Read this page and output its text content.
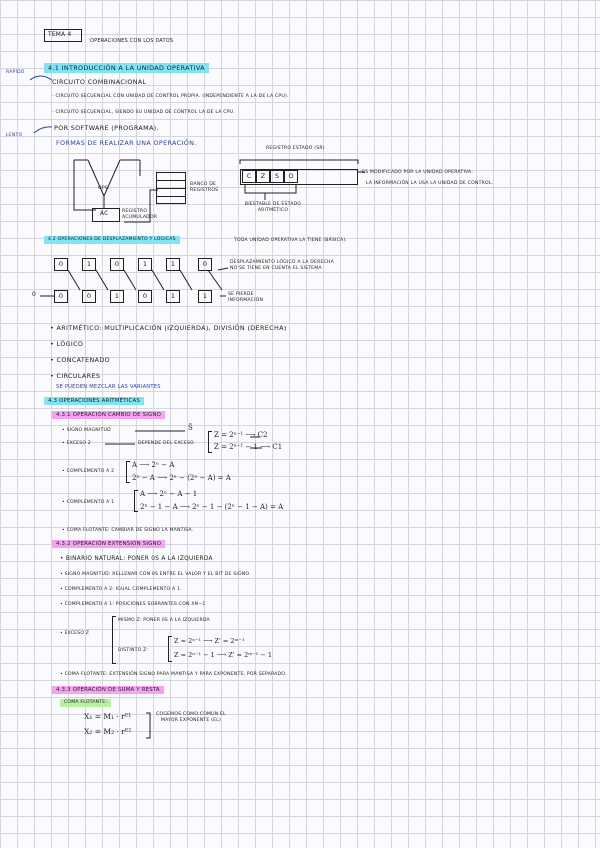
TEMA 4
OPERACIONES CON LOS DATOS
4.1 INTRODUCCIÓN A LA UNIDAD OPERATIVA
RAPIDO
LENTO
CIRCUITO COMBINACIONAL
- CIRCUITO SECUENCIAL CON UNIDAD DE CONTROL PROPIA. (INDEPENDIENTE A LA DE LA CPU).
- CIRCUITO SECUENCIAL, SIENDO SU UNIDAD DE CONTROL LA DE LA CPU.
POR SOFTWARE (PROGRAMA).
FORMAS DE REALIZAR UNA OPERACIÓN.
OPS.
AC	REGISTRO ACUMULADOR
BANCO DE REGISTROS
REGISTRO ESTADO (SR)
C	Z	S	O
BIESTABLE DE ESTADO ARITMÉTICO
ES MODIFICADO POR LA UNIDAD OPERATIVA.
LA INFORMACIÓN LA USA LA UNIDAD DE CONTROL.
4.2 OPERACIONES DE DESPLAZAMIENTO Y LÓGICAS	TODA UNIDAD OPERATIVA LA TIENE (BÁSICA).
0	1	0	1	1	0
0	0	0	1	0	1	1
DESPLAZAMIENTO LÓGICO A LA DERECHA
NO SE TIENE EN CUENTA EL SISTEMA
SE PIERDE
INFORMACIÓN
• ARITMÉTICO: MULTIPLICACIÓN (IZQUIERDA), DIVISIÓN (DERECHA)
• LÓGICO
• CONCATENADO
• CIRCULARES
SE PUEDEN MEZCLAR LAS VARIANTES
4.3 OPERACIONES ARITMÉTICAS
4.3.1 OPERACIÓN CAMBIO DE SIGNO
• SIGNO MAGNITUD	S̄
• EXCESO 2	DEPENDE DEL EXCESO
Z = 2ⁿ⁻¹ ⟶ C2
Z = 2ⁿ⁻¹ − 1 ⟶ C1
• COMPLEMENTO A 2
A ⟶ 2ⁿ − A
2ⁿ − A ⟶ 2ⁿ − (2ⁿ − A) = A
• COMPLEMENTO A 1
A ⟶ 2ⁿ − A − 1
2ⁿ − 1 − A ⟶ 2ⁿ − 1 − (2ⁿ − 1 − A) = A
• COMA FLOTANTE: CAMBIAR DE SIGNO LA MANTISA.
4.3.2 OPERACIÓN EXTENSIÓN SIGNO
• BINARIO NATURAL: PONER 0S A LA IZQUIERDA
• SIGNO MAGNITUD: RELLENAR CON 0S ENTRE EL VALOR Y EL BIT DE SIGNO.
• COMPLEMENTO A 2: IGUAL COMPLEMENTO A 1.
• COMPLEMENTO A 1: POSICIONES SOBRANTES CON XN−1
• EXCESO Z
MISMO Z: PONER 0S A LA IZQUIERDA
DISTINTO Z:
Z = 2ⁿ⁻¹ ⟶ Z' = 2ᵐ⁻¹
Z = 2ⁿ⁻¹ − 1 ⟶ Z' = 2ᵐ⁻¹ − 1
• COMA FLOTANTE: EXTENSIÓN SIGNO PARA MANTISA Y PARA EXPONENTE, POR SEPARADO.
4.3.3 OPERACIÓN DE SUMA Y RESTA
COMA FLOTANTE:
X₁ = M₁ · rᴱ¹
X₂ = M₂ · rᴱ²
COGEMOS COMO COMÚN EL MAYOR EXPONENTE (EL)
